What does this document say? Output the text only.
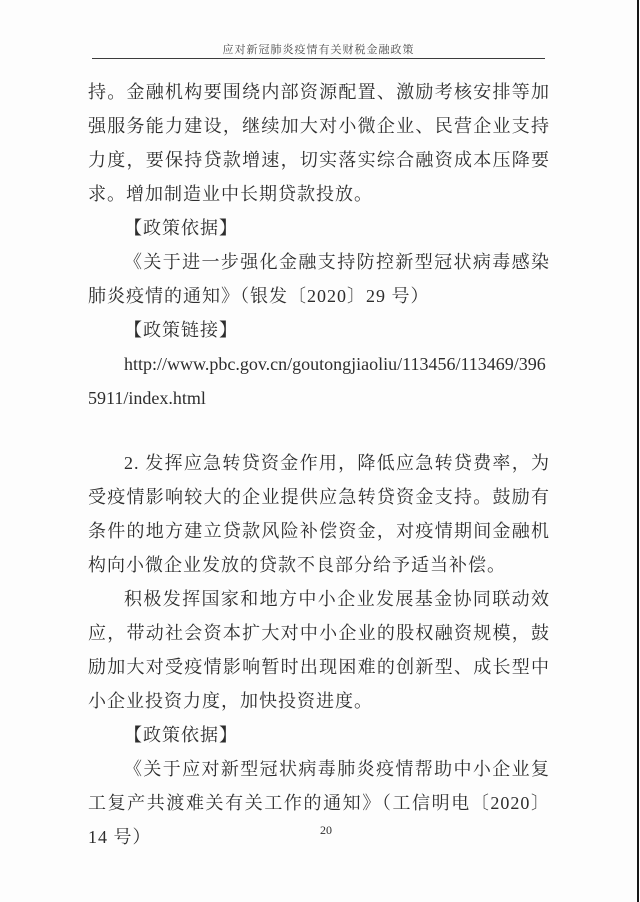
应对新冠肺炎疫情有关财税金融政策

持。金融机构要围绕内部资源配置、激励考核安排等加强服务能力建设，继续加大对小微企业、民营企业支持力度，要保持贷款增速，切实落实综合融资成本压降要求。增加制造业中长期贷款投放。

【政策依据】

《关于进一步强化金融支持防控新型冠状病毒感染肺炎疫情的通知》（银发〔2020〕29 号）

【政策链接】

http://www.pbc.gov.cn/goutongjiaoliu/113456/113469/3965911/index.html

2. 发挥应急转贷资金作用，降低应急转贷费率，为受疫情影响较大的企业提供应急转贷资金支持。鼓励有条件的地方建立贷款风险补偿资金，对疫情期间金融机构向小微企业发放的贷款不良部分给予适当补偿。

积极发挥国家和地方中小企业发展基金协同联动效应，带动社会资本扩大对中小企业的股权融资规模，鼓励加大对受疫情影响暂时出现困难的创新型、成长型中小企业投资力度，加快投资进度。

【政策依据】

《关于应对新型冠状病毒肺炎疫情帮助中小企业复工复产共渡难关有关工作的通知》（工信明电〔2020〕14 号）	20
